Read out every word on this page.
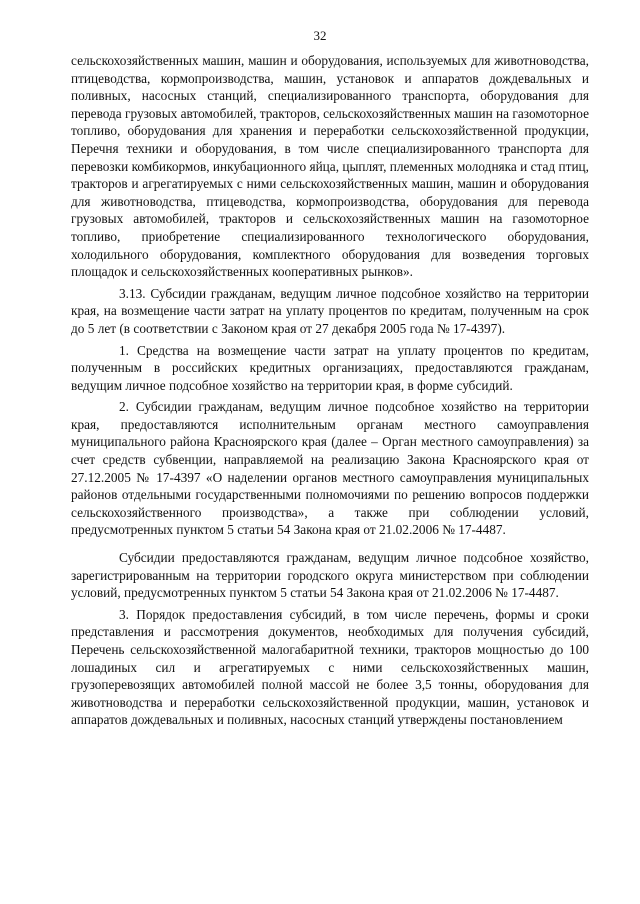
32

сельскохозяйственных машин, машин и оборудования, используемых для животноводства, птицеводства, кормопроизводства, машин, установок и аппаратов дождевальных и поливных, насосных станций, специализированного транспорта, оборудования для перевода грузовых автомобилей, тракторов, сельскохозяйственных машин на газомоторное топливо, оборудования для хранения и переработки сельскохозяйственной продукции, Перечня техники и оборудования, в том числе специализированного транспорта для перевозки комбикормов, инкубационного яйца, цыплят, племенных молодняка и стад птиц, тракторов и агрегатируемых с ними сельскохозяйственных машин, машин и оборудования для животноводства, птицеводства, кормопроизводства, оборудования для перевода грузовых автомобилей, тракторов и сельскохозяйственных машин на газомоторное топливо, приобретение специализированного технологического оборудования, холодильного оборудования, комплектного оборудования для возведения торговых площадок и сельскохозяйственных кооперативных рынков».

3.13. Субсидии гражданам, ведущим личное подсобное хозяйство на территории края, на возмещение части затрат на уплату процентов по кредитам, полученным на срок до 5 лет (в соответствии с Законом края от 27 декабря 2005 года № 17-4397).

1. Средства на возмещение части затрат на уплату процентов по кредитам, полученным в российских кредитных организациях, предоставляются гражданам, ведущим личное подсобное хозяйство на территории края, в форме субсидий.

2. Субсидии гражданам, ведущим личное подсобное хозяйство на территории края, предоставляются исполнительным органам местного самоуправления муниципального района Красноярского края (далее – Орган местного самоуправления) за счет средств субвенции, направляемой на реализацию Закона Красноярского края от 27.12.2005 № 17-4397 «О наделении органов местного самоуправления муниципальных районов отдельными государственными полномочиями по решению вопросов поддержки сельскохозяйственного производства», а также при соблюдении условий, предусмотренных пунктом 5 статьи 54 Закона края от 21.02.2006 № 17-4487.

Субсидии предоставляются гражданам, ведущим личное подсобное хозяйство, зарегистрированным на территории городского округа министерством при соблюдении условий, предусмотренных пунктом 5 статьи 54 Закона края от 21.02.2006 № 17-4487.

3. Порядок предоставления субсидий, в том числе перечень, формы и сроки представления и рассмотрения документов, необходимых для получения субсидий, Перечень сельскохозяйственной малогабаритной техники, тракторов мощностью до 100 лошадиных сил и агрегатируемых с ними сельскохозяйственных машин, грузоперевозящих автомобилей полной массой не более 3,5 тонны, оборудования для животноводства и переработки сельскохозяйственной продукции, машин, установок и аппаратов дождевальных и поливных, насосных станций утверждены постановлением
